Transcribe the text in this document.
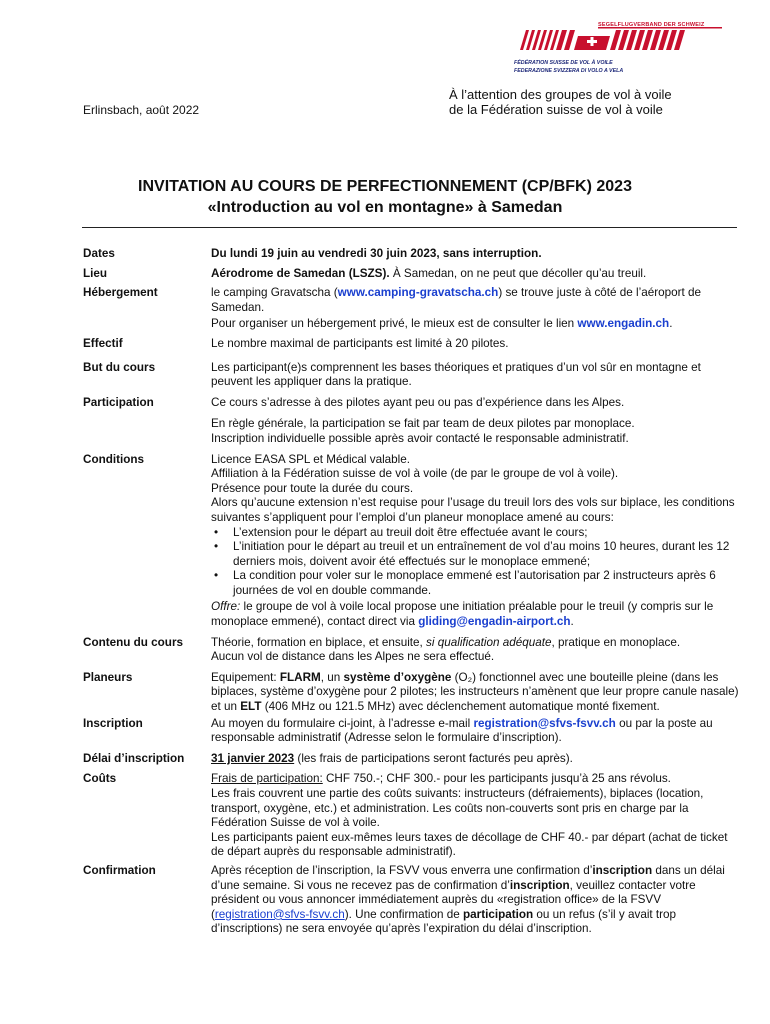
SEGELFLUGVERBAND DER SCHWEIZ
FÉDÉRATION SUISSE DE VOL À VOILE
FEDERAZIONE SVIZZERA DI VOLO A VELA
À l’attention des groupes de vol à voile
de la Fédération suisse de vol à voile
Erlinsbach, août 2022
INVITATION AU COURS DE PERFECTIONNEMENT (CP/BFK) 2023
«Introduction au vol en montagne» à Samedan
Dates	Du lundi 19 juin au vendredi 30 juin 2023, sans interruption.
Lieu	Aérodrome de Samedan (LSZS). À Samedan, on ne peut que décoller qu’au treuil.
Hébergement	le camping Gravatscha (www.camping-gravatscha.ch) se trouve juste à côté de l’aéroport de Samedan.

Pour organiser un hébergement privé, le mieux est de consulter le lien www.engadin.ch.

Effectif	Le nombre maximal de participants est limité à 20 pilotes.
But du cours	Les participant(e)s comprennent les bases théoriques et pratiques d’un vol sûr en montagne et peuvent les appliquer dans la pratique.
Participation	Ce cours s’adresse à des pilotes ayant peu ou pas d’expérience dans les Alpes.

En règle générale, la participation se fait par team de deux pilotes par monoplace.

Inscription individuelle possible après avoir contacté le responsable administratif.

Conditions	Licence EASA SPL et Médical valable.

Affiliation à la Fédération suisse de vol à voile (de par le groupe de vol à voile).

Présence pour toute la durée du cours.

Alors qu’aucune extension n’est requise pour l’usage du treuil lors des vols sur biplace, les conditions suivantes s’appliquent pour l’emploi d’un planeur monoplace amené au cours:

• L’extension pour le départ au treuil doit être effectuée avant le cours;
• L’initiation pour le départ au treuil et un entraînement de vol d’au moins 10 heures, durant les 12 derniers mois, doivent avoir été effectués sur le monoplace emmené;
• La condition pour voler sur le monoplace emmené est l’autorisation par 2 instructeurs après 6 journées de vol en double commande.

Offre: le groupe de vol à voile local propose une initiation préalable pour le treuil (y compris sur le monoplace emmené), contact direct via gliding@engadin-airport.ch.

Contenu du cours	Théorie, formation en biplace, et ensuite, si qualification adéquate, pratique en monoplace.

Aucun vol de distance dans les Alpes ne sera effectué.

Planeurs	Equipement: FLARM, un système d’oxygène (O₂) fonctionnel avec une bouteille pleine (dans les biplaces, système d’oxygène pour 2 pilotes; les instructeurs n’amènent que leur propre canule nasale) et un ELT (406 MHz ou 121.5 MHz) avec déclenchement automatique monté fixement.
Inscription	Au moyen du formulaire ci-joint, à l’adresse e-mail registration@sfvs-fsvv.ch ou par la poste au responsable administratif (Adresse selon le formulaire d’inscription).
Délai d’inscription	31 janvier 2023 (les frais de participations seront facturés peu après).
Coûts	Frais de participation: CHF 750.-; CHF 300.- pour les participants jusqu’à 25 ans révolus.

Les frais couvrent une partie des coûts suivants: instructeurs (défraiements), biplaces (location, transport, oxygène, etc.) et administration. Les coûts non-couverts sont pris en charge par la Fédération Suisse de vol à voile.

Les participants paient eux-mêmes leurs taxes de décollage de CHF 40.- par départ (achat de ticket de départ auprès du responsable administratif).

Confirmation	Après réception de l’inscription, la FSVV vous enverra une confirmation d’inscription dans un délai d’une semaine. Si vous ne recevez pas de confirmation d’inscription, veuillez contacter votre président ou vous annoncer immédiatement auprès du «registration office» de la FSVV (registration@sfvs-fsvv.ch). Une confirmation de participation ou un refus (s’il y avait trop d’inscriptions) ne sera envoyée qu’après l’expiration du délai d’inscription.
